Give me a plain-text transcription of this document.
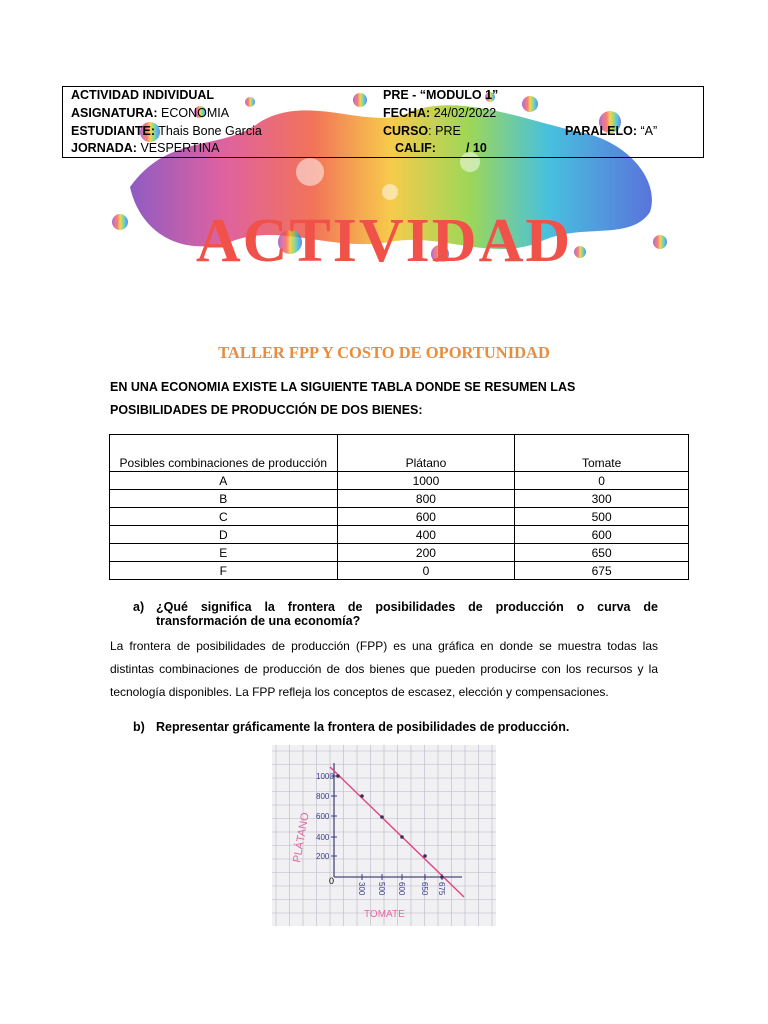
ACTIVIDAD INDIVIDUAL	PRE - “MODULO 1”
ASIGNATURA: ECONOMIA	FECHA: 24/02/2022
ESTUDIANTE: Thais Bone Garcia	CURSO: PRE	PARALELO: “A”
JORNADA: VESPERTINA	CALIF: / 10
ACTIVIDAD
TALLER FPP Y COSTO DE OPORTUNIDAD
EN UNA ECONOMIA EXISTE LA SIGUIENTE TABLA DONDE SE RESUMEN LAS POSIBILIDADES DE PRODUCCIÓN DE DOS BIENES:
Posibles combinaciones de producción	Plátano	Tomate
A	1000	0
B	800	300
C	600	500
D	400	600
E	200	650
F	0	675
a) ¿Qué significa la frontera de posibilidades de producción o curva de transformación de una economía?
La frontera de posibilidades de producción (FPP) es una gráfica en donde se muestra todas las distintas combinaciones de producción de dos bienes que pueden producirse con los recursos y la tecnología disponibles. La FPP refleja los conceptos de escasez, elección y compensaciones.
b) Representar gráficamente la frontera de posibilidades de producción.
1000
800
600
400
200
300 500 600 650 675
0
PLÁTANO
TOMATE
